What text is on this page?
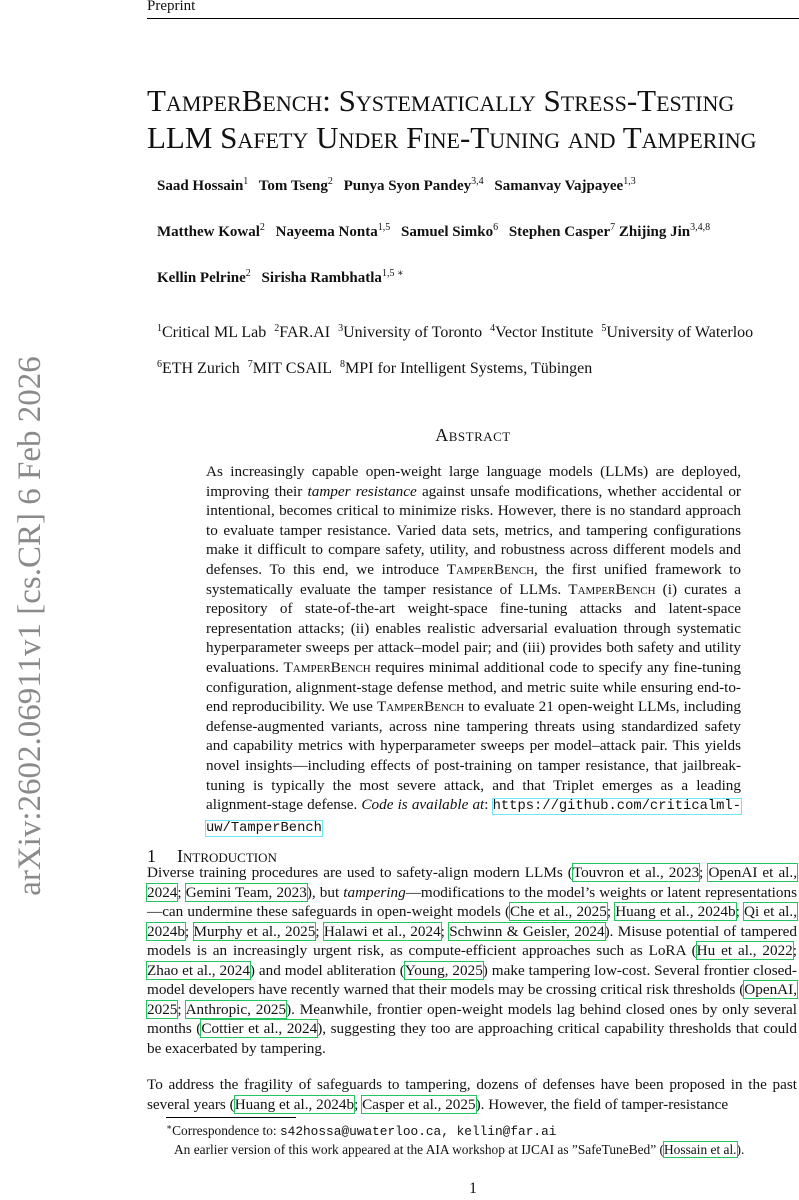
Preprint
arXiv:2602.06911v1 [cs.CR] 6 Feb 2026
TamperBench: Systematically Stress-Testing
LLM Safety Under Fine-Tuning and Tampering
Saad Hossain$^1$ Tom Tseng$^2$ Punya Syon Pandey$^{3,4}$ Samanvay Vajpayee$^{1,3}$
Matthew Kowal$^2$ Nayeema Nonta$^{1,5}$ Samuel Simko$^6$ Stephen Casper$^7$ Zhijing Jin$^{3,4,8}$
Kellin Pelrine$^2$ Sirisha Rambhatla$^{1,5 ∗}$
$^1$Critical ML Lab $^2$FAR.AI $^3$University of Toronto $^4$Vector Institute $^5$University of Waterloo
$^6$ETH Zurich $^7$MIT CSAIL $^8$MPI for Intelligent Systems, Tübingen
Abstract
As increasingly capable open-weight large language models (LLMs) are deployed, improving their tamper resistance against unsafe modifications, whether accidental or intentional, becomes critical to minimize risks. However, there is no standard approach to evaluate tamper resistance. Varied data sets, metrics, and tampering configurations make it difficult to compare safety, utility, and robustness across different models and defenses. To this end, we introduce TamperBench, the first unified framework to systematically evaluate the tamper resistance of LLMs. TamperBench (i) curates a repository of state-of-the-art weight-space fine-tuning attacks and latent-space representation attacks; (ii) enables realistic adversarial evaluation through systematic hyperparameter sweeps per attack–model pair; and (iii) provides both safety and utility evaluations. TamperBench requires minimal additional code to specify any fine-tuning configuration, alignment-stage defense method, and metric suite while ensuring end-to-end reproducibility. We use TamperBench to evaluate 21 open-weight LLMs, including defense-augmented variants, across nine tampering threats using standardized safety and capability metrics with hyperparameter sweeps per model–attack pair. This yields novel insights—including effects of post-training on tamper resistance, that jailbreak-tuning is typically the most severe attack, and that Triplet emerges as a leading alignment-stage defense. Code is available at: https://github.com/criticalml-uw/TamperBench
1 Introduction
Diverse training procedures are used to safety-align modern LLMs (Touvron et al., 2023; OpenAI et al., 2024; Gemini Team, 2023), but tampering—modifications to the model’s weights or latent representations—can undermine these safeguards in open-weight models (Che et al., 2025; Huang et al., 2024b; Qi et al., 2024b; Murphy et al., 2025; Halawi et al., 2024; Schwinn & Geisler, 2024). Misuse potential of tampered models is an increasingly urgent risk, as compute-efficient approaches such as LoRA (Hu et al., 2022; Zhao et al., 2024) and model abliteration (Young, 2025) make tampering low-cost. Several frontier closed-model developers have recently warned that their models may be crossing critical risk thresholds (OpenAI, 2025; Anthropic, 2025). Meanwhile, frontier open-weight models lag behind closed ones by only several months (Cottier et al., 2024), suggesting they too are approaching critical capability thresholds that could be exacerbated by tampering.
To address the fragility of safeguards to tampering, dozens of defenses have been proposed in the past several years (Huang et al., 2024b; Casper et al., 2025). However, the field of tamper-resistance
∗Correspondence to: s42hossa@uwaterloo.ca, kellin@far.ai
An earlier version of this work appeared at the AIA workshop at IJCAI as ”SafeTuneBed” (Hossain et al.).
1
